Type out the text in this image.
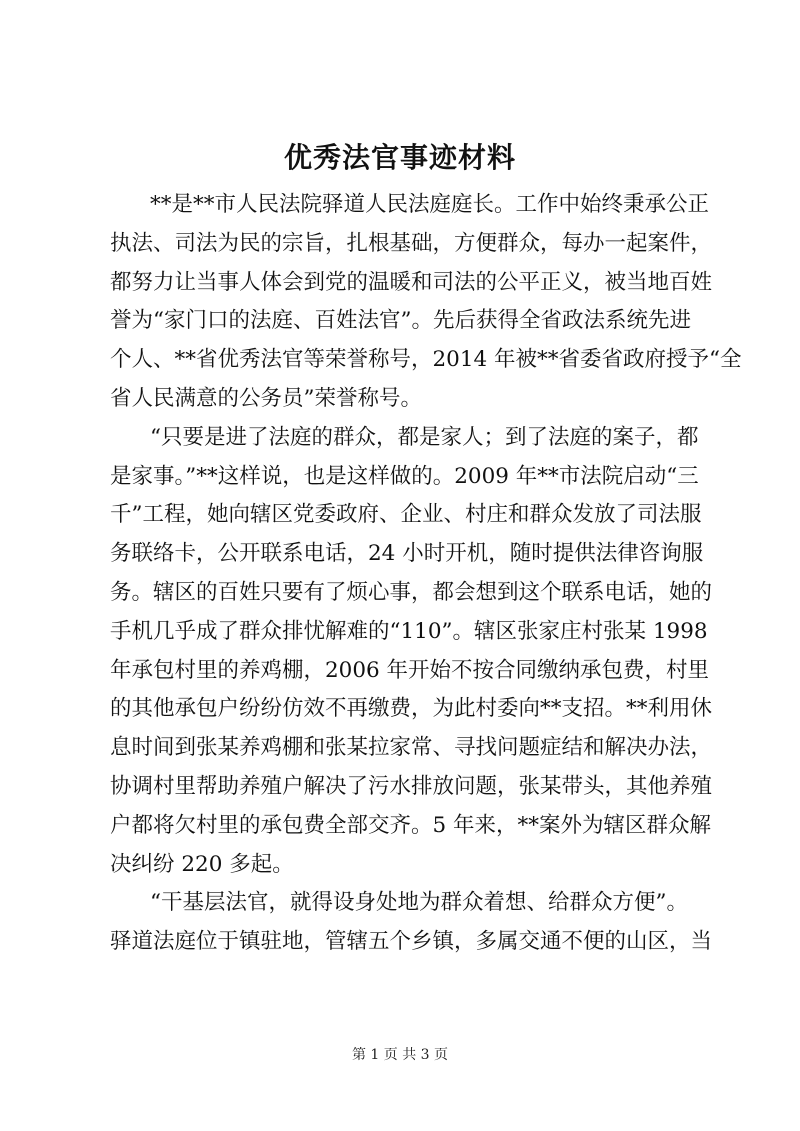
优秀法官事迹材料
**是**市人民法院驿道人民法庭庭长。工作中始终秉承公正
执法、司法为民的宗旨，扎根基础，方便群众，每办一起案件，
都努力让当事人体会到党的温暖和司法的公平正义，被当地百姓
誉为“家门口的法庭、百姓法官”。先后获得全省政法系统先进
个人、**省优秀法官等荣誉称号，2014 年被**省委省政府授予“全
省人民满意的公务员”荣誉称号。
“只要是进了法庭的群众，都是家人；到了法庭的案子，都
是家事。”**这样说，也是这样做的。2009 年**市法院启动“三
千”工程，她向辖区党委政府、企业、村庄和群众发放了司法服
务联络卡，公开联系电话，24 小时开机，随时提供法律咨询服
务。辖区的百姓只要有了烦心事，都会想到这个联系电话，她的
手机几乎成了群众排忧解难的“110”。辖区张家庄村张某 1998
年承包村里的养鸡棚，2006 年开始不按合同缴纳承包费，村里
的其他承包户纷纷仿效不再缴费，为此村委向**支招。**利用休
息时间到张某养鸡棚和张某拉家常、寻找问题症结和解决办法，
协调村里帮助养殖户解决了污水排放问题，张某带头，其他养殖
户都将欠村里的承包费全部交齐。5 年来，**案外为辖区群众解
决纠纷 220 多起。
“干基层法官，就得设身处地为群众着想、给群众方便”。
驿道法庭位于镇驻地，管辖五个乡镇，多属交通不便的山区，当
第 1 页 共 3 页
